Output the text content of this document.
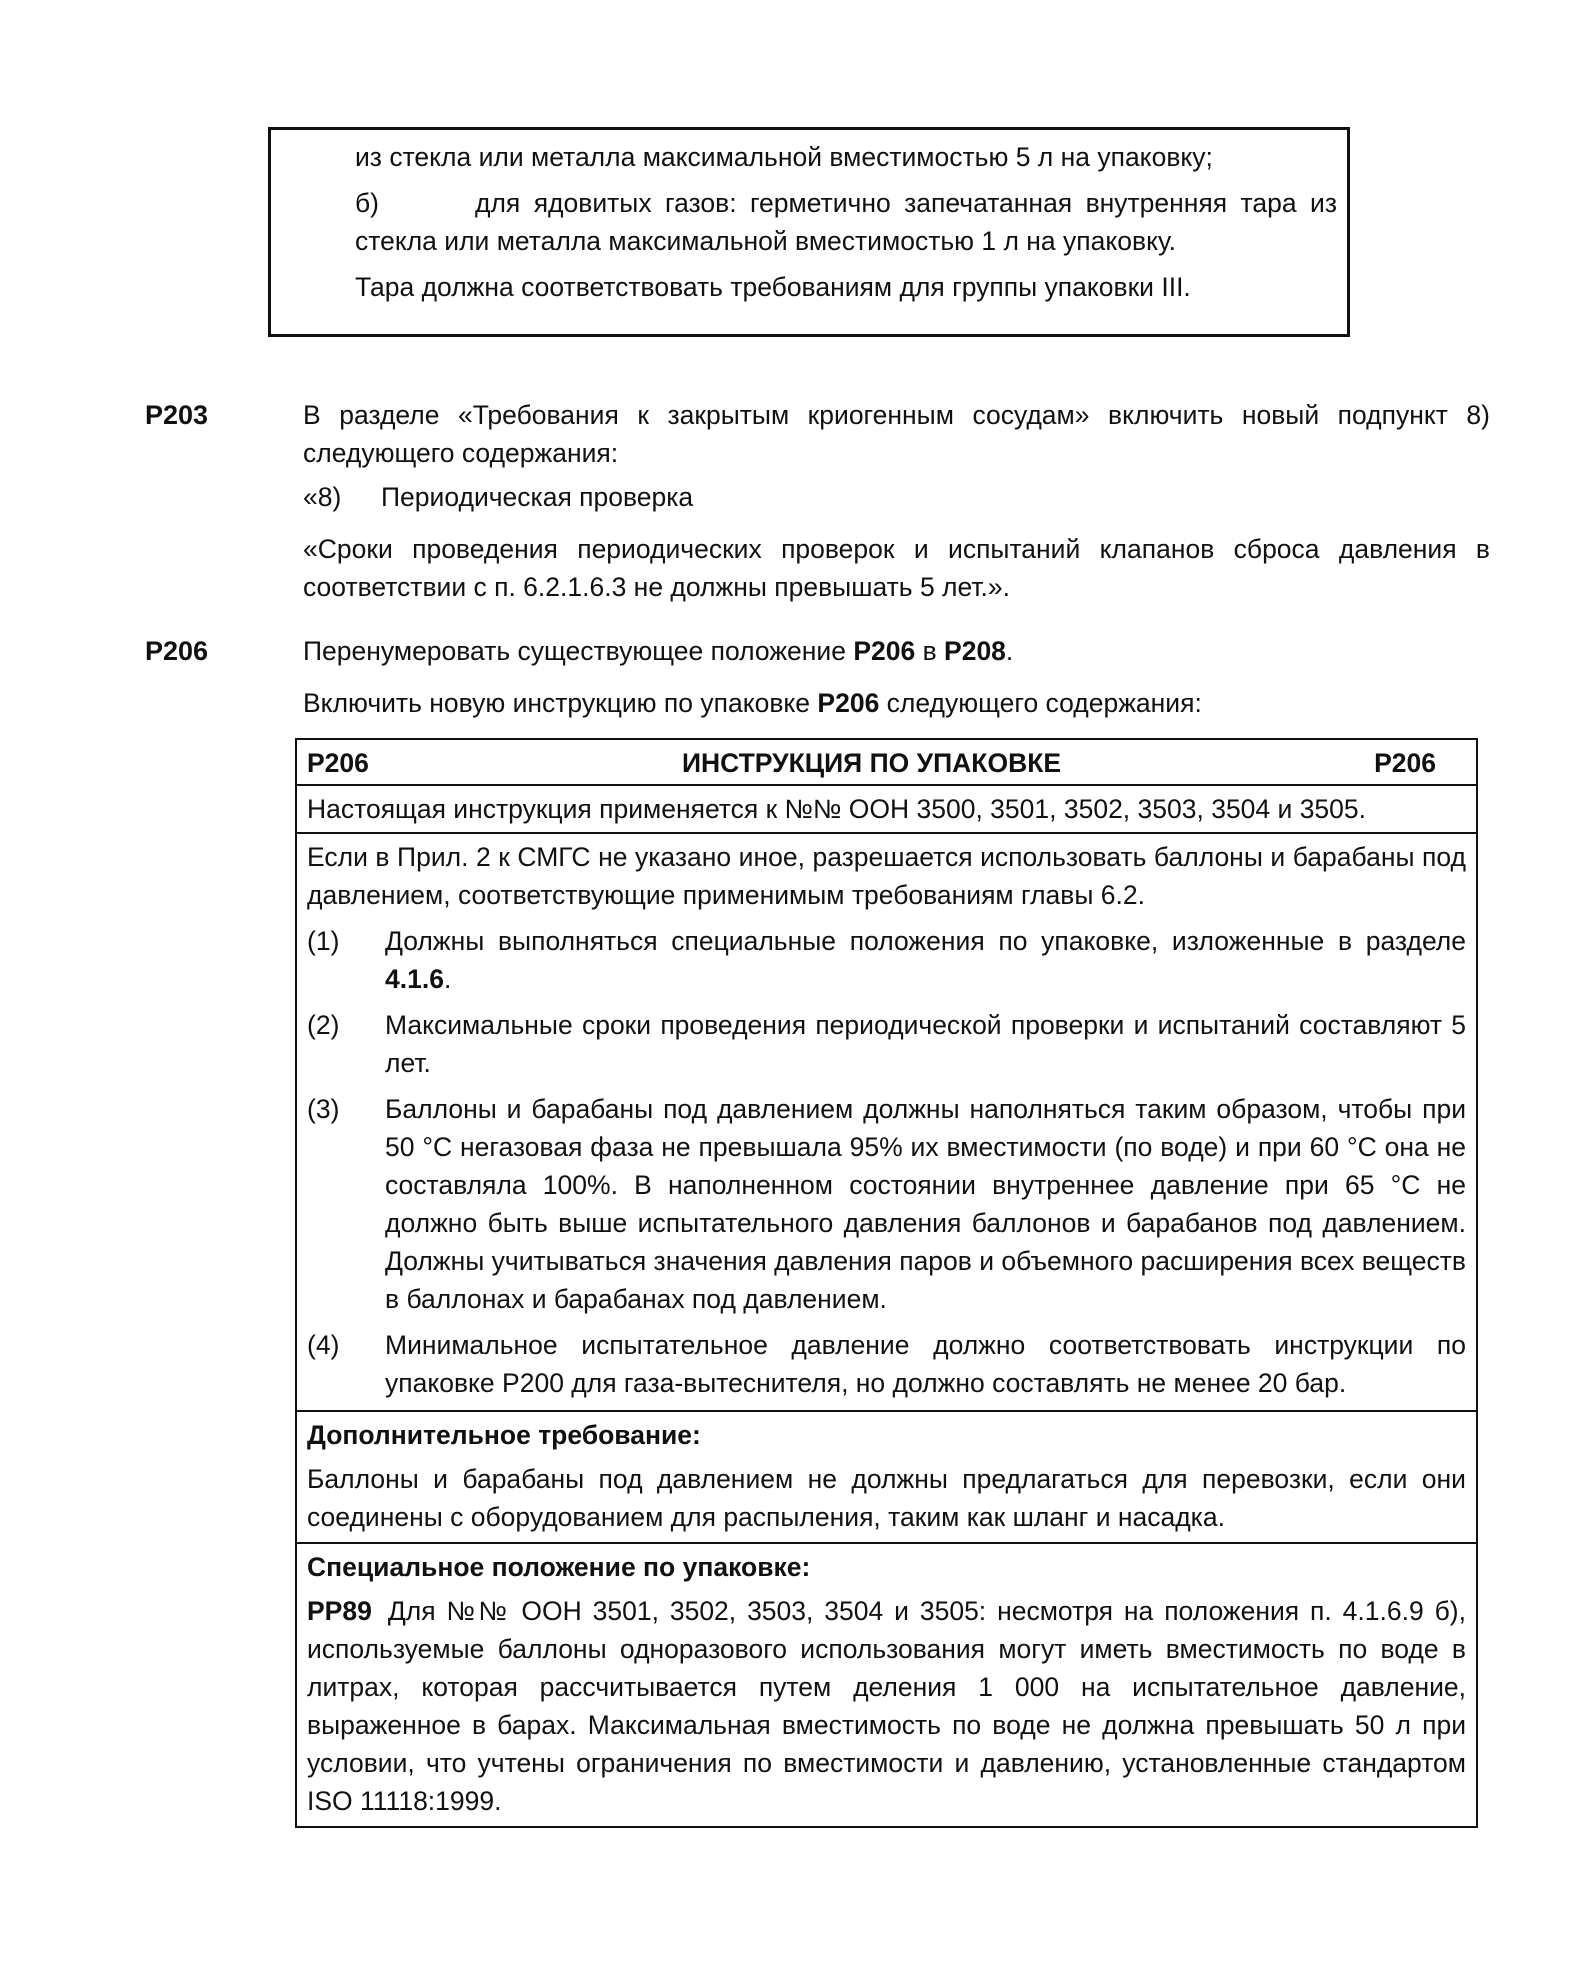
из стекла или металла максимальной вместимостью 5 л на упаковку;

б)	для ядовитых газов: герметично запечатанная внутренняя тара из стекла или металла максимальной вместимостью 1 л на упаковку.

Тара должна соответствовать требованиям для группы упаковки III.

P203	В разделе «Требования к закрытым криогенным сосудам» включить новый подпункт 8) следующего содержания:

«8) Периодическая проверка

«Сроки проведения периодических проверок и испытаний клапанов сброса давления в соответствии с п. 6.2.1.6.3 не должны превышать 5 лет.».

P206	Перенумеровать существующее положение P206 в P208.

Включить новую инструкцию по упаковке P206 следующего содержания:

P206	ИНСТРУКЦИЯ ПО УПАКОВКЕ	P206

Настоящая инструкция применяется к №№ ООН 3500, 3501, 3502, 3503, 3504 и 3505.

Если в Прил. 2 к СМГС не указано иное, разрешается использовать баллоны и барабаны под давлением, соответствующие применимым требованиям главы 6.2.

(1)	Должны выполняться специальные положения по упаковке, изложенные в разделе 4.1.6.
(2)	Максимальные сроки проведения периодической проверки и испытаний составляют 5 лет.
(3)	Баллоны и барабаны под давлением должны наполняться таким образом, чтобы при 50 °C негазовая фаза не превышала 95% их вместимости (по воде) и при 60 °C она не составляла 100%. В наполненном состоянии внутреннее давление при 65 °C не должно быть выше испытательного давления баллонов и барабанов под давлением. Должны учитываться значения давления паров и объемного расширения всех веществ в баллонах и барабанах под давлением.
(4)	Минимальное испытательное давление должно соответствовать инструкции по упаковке P200 для газа-вытеснителя, но должно составлять не менее 20 бар.

Дополнительное требование:

Баллоны и барабаны под давлением не должны предлагаться для перевозки, если они соединены с оборудованием для распыления, таким как шланг и насадка.

Специальное положение по упаковке:

PP89 Для №№ ООН 3501, 3502, 3503, 3504 и 3505: несмотря на положения п. 4.1.6.9 б), используемые баллоны одноразового использования могут иметь вместимость по воде в литрах, которая рассчитывается путем деления 1 000 на испытательное давление, выраженное в барах. Максимальная вместимость по воде не должна превышать 50 л при условии, что учтены ограничения по вместимости и давлению, установленные стандартом ISO 11118:1999.
